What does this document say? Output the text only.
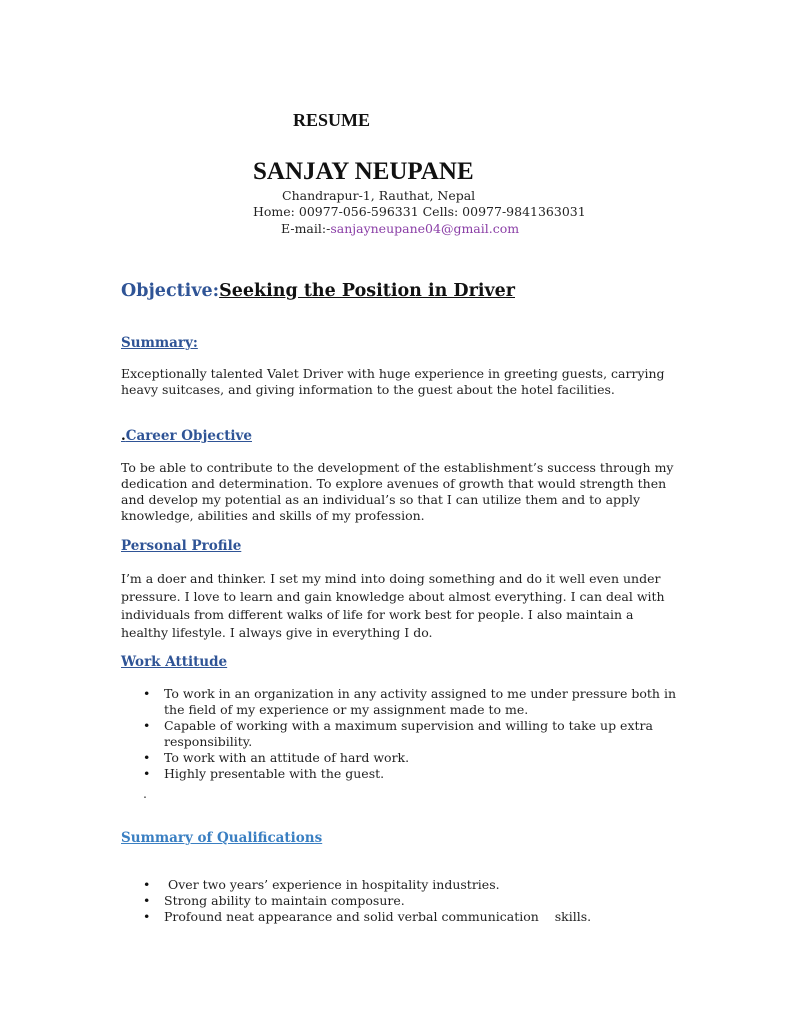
RESUME
SANJAY NEUPANE

Chandrapur-1, Rauthat, Nepal

Home: 00977-056-596331 Cells: 00977-9841363031

E-mail:-sanjayneupane04@gmail.com

Objective:Seeking the Position in Driver
Summary:

Exceptionally talented Valet Driver with huge experience in greeting guests, carrying heavy suitcases, and giving information to the guest about the hotel facilities.

.Career Objective

To be able to contribute to the development of the establishment’s success through my dedication and determination. To explore avenues of growth that would strength then and develop my potential as an individual’s so that I can utilize them and to apply knowledge, abilities and skills of my profession.

Personal Profile

I’m a doer and thinker. I set my mind into doing something and do it well even under pressure. I love to learn and gain knowledge about almost everything. I can deal with individuals from different walks of life for work best for people. I also maintain a healthy lifestyle. I always give in everything I do.

Work Attitude
• To work in an organization in any activity assigned to me under pressure both in the field of my experience or my assignment made to me.
• Capable of working with a maximum supervision and willing to take up extra responsibility.
• To work with an attitude of hard work.
• Highly presentable with the guest.
.
Summary of Qualifications
•  Over two years’ experience in hospitality industries.
• Strong ability to maintain composure.
• Profound neat appearance and solid verbal communication    skills.
